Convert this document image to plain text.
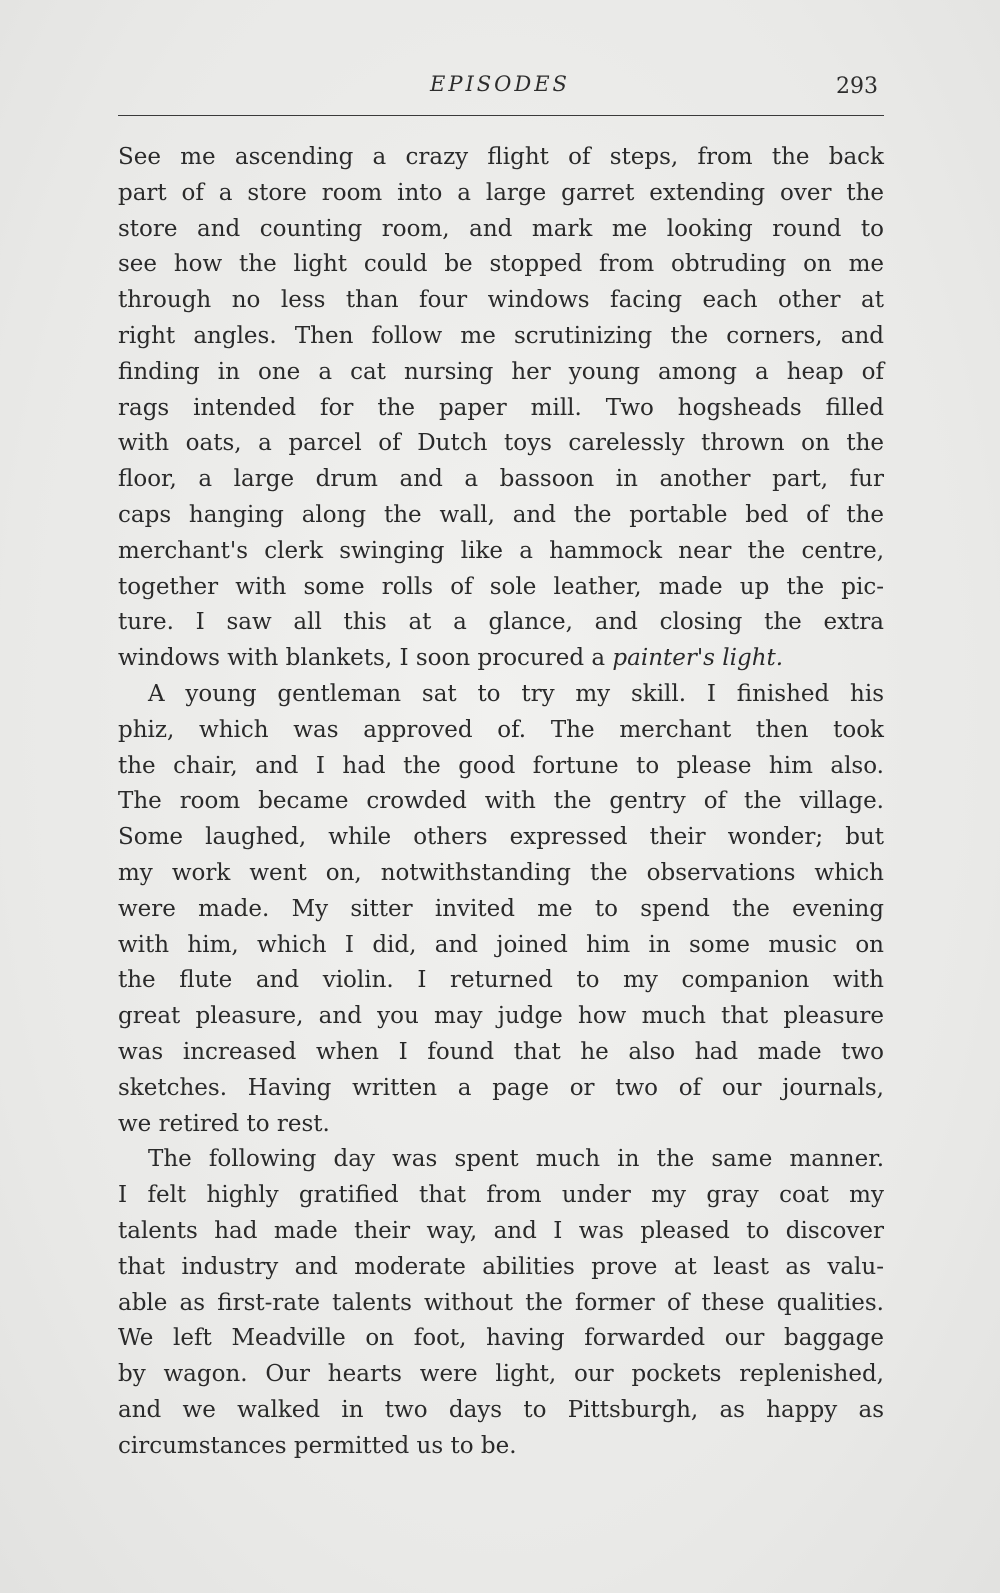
EPISODES	293
See me ascending a crazy flight of steps, from the back
part of a store room into a large garret extending over the
store and counting room, and mark me looking round to
see how the light could be stopped from obtruding on me
through no less than four windows facing each other at
right angles. Then follow me scrutinizing the corners, and
finding in one a cat nursing her young among a heap of
rags intended for the paper mill. Two hogsheads filled
with oats, a parcel of Dutch toys carelessly thrown on the
floor, a large drum and a bassoon in another part, fur
caps hanging along the wall, and the portable bed of the
merchant's clerk swinging like a hammock near the centre,
together with some rolls of sole leather, made up the pic-
ture. I saw all this at a glance, and closing the extra
windows with blankets, I soon procured a painter's light.
A young gentleman sat to try my skill. I finished his
phiz, which was approved of. The merchant then took
the chair, and I had the good fortune to please him also.
The room became crowded with the gentry of the village.
Some laughed, while others expressed their wonder; but
my work went on, notwithstanding the observations which
were made. My sitter invited me to spend the evening
with him, which I did, and joined him in some music on
the flute and violin. I returned to my companion with
great pleasure, and you may judge how much that pleasure
was increased when I found that he also had made two
sketches. Having written a page or two of our journals,
we retired to rest.
The following day was spent much in the same manner.
I felt highly gratified that from under my gray coat my
talents had made their way, and I was pleased to discover
that industry and moderate abilities prove at least as valu-
able as first-rate talents without the former of these qualities.
We left Meadville on foot, having forwarded our baggage
by wagon. Our hearts were light, our pockets replenished,
and we walked in two days to Pittsburgh, as happy as
circumstances permitted us to be.
